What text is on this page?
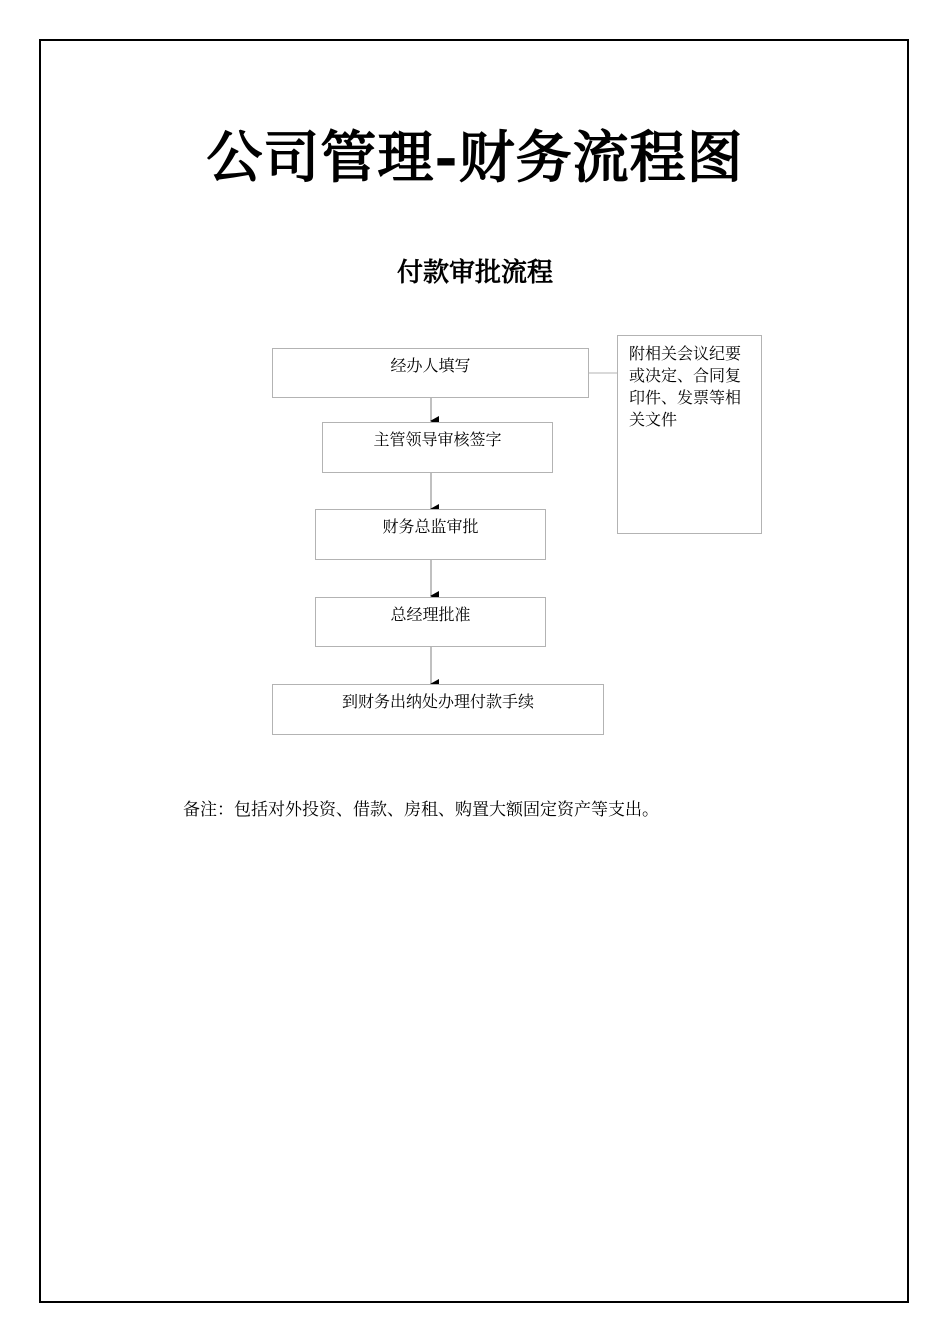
公司管理-财务流程图
付款审批流程
经办人填写
主管领导审核签字
财务总监审批
总经理批准
到财务出纳处办理付款手续
附相关会议纪要或决定、合同复印件、发票等相关文件
备注：包括对外投资、借款、房租、购置大额固定资产等支出。
